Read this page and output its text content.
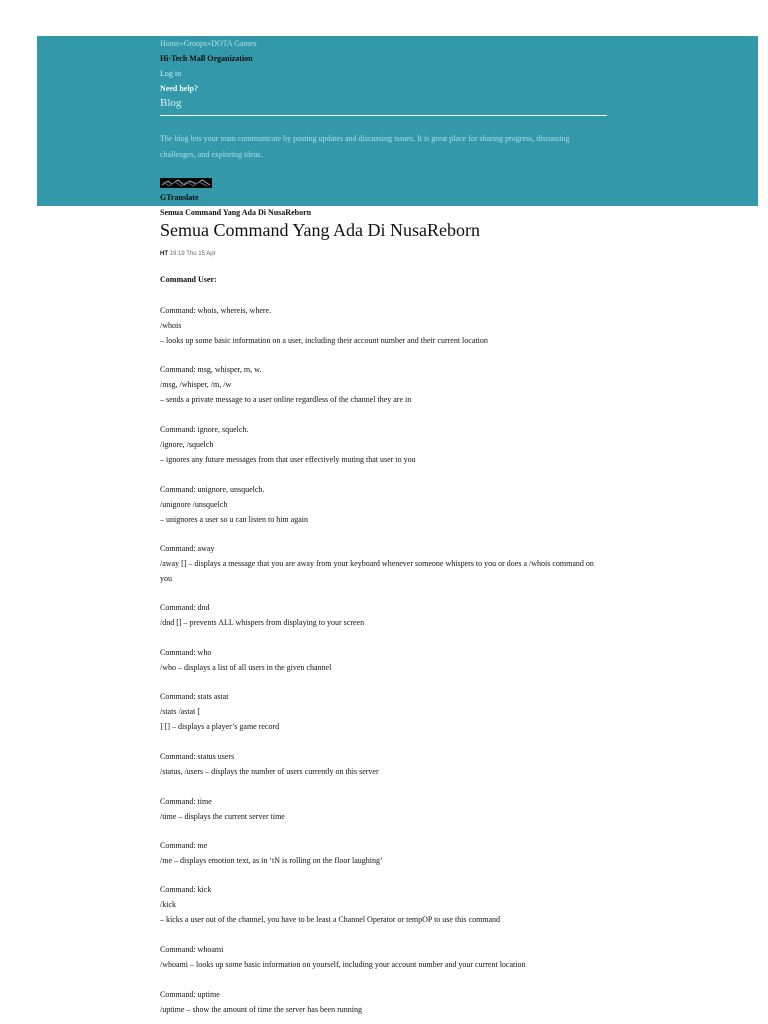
Home»Groups»DOTA Games
Hi-Tech Mall Organization
Log in
Need help?
Blog
The blog lets your team communicate by posting updates and discussing issues. It is great place for sharing progress, discussing challenges, and exploring ideas.
GTranslate
Semua Command Yang Ada Di NusaReborn
Semua Command Yang Ada Di NusaReborn
HT 19:19 Thu 15 Apr
Command User:

Command: whois, whereis, where.

/whois

– looks up some basic information on a user, including their account number and their current location

Command: msg, whisper, m, w.

/msg, /whisper, /m, /w

– sends a private message to a user online regardless of the channel they are in

Command: ignore, squelch.

/ignore, /squelch

– ignores any future messages from that user effectively muting that user to you

Command: unignore, unsquelch.

/unignore /unsquelch

– unignores a user so u can listen to him again

Command: away

/away [] – displays a message that you are away from your keyboard whenever someone whispers to you or does a /whois command on you

Command: dnd

/dnd [] – prevents ALL whispers from displaying to your screen

Command: who

/who – displays a list of all users in the given channel

Command: stats astat

/stats /astat [

] [] – displays a player’s game record

Command: status users

/status, /users – displays the number of users currently on this server

Command: time

/time – displays the current server time

Command: me

/me – displays emotion text, as in ‘tN is rolling on the floor laughing’

Command: kick

/kick

– kicks a user out of the channel, you have to be least a Channel Operator or tempOP to use this command

Command: whoami

/whoami – looks up some basic information on yourself, including your account number and your current location

Command: uptime

/uptime – show the amount of time the server has been running
